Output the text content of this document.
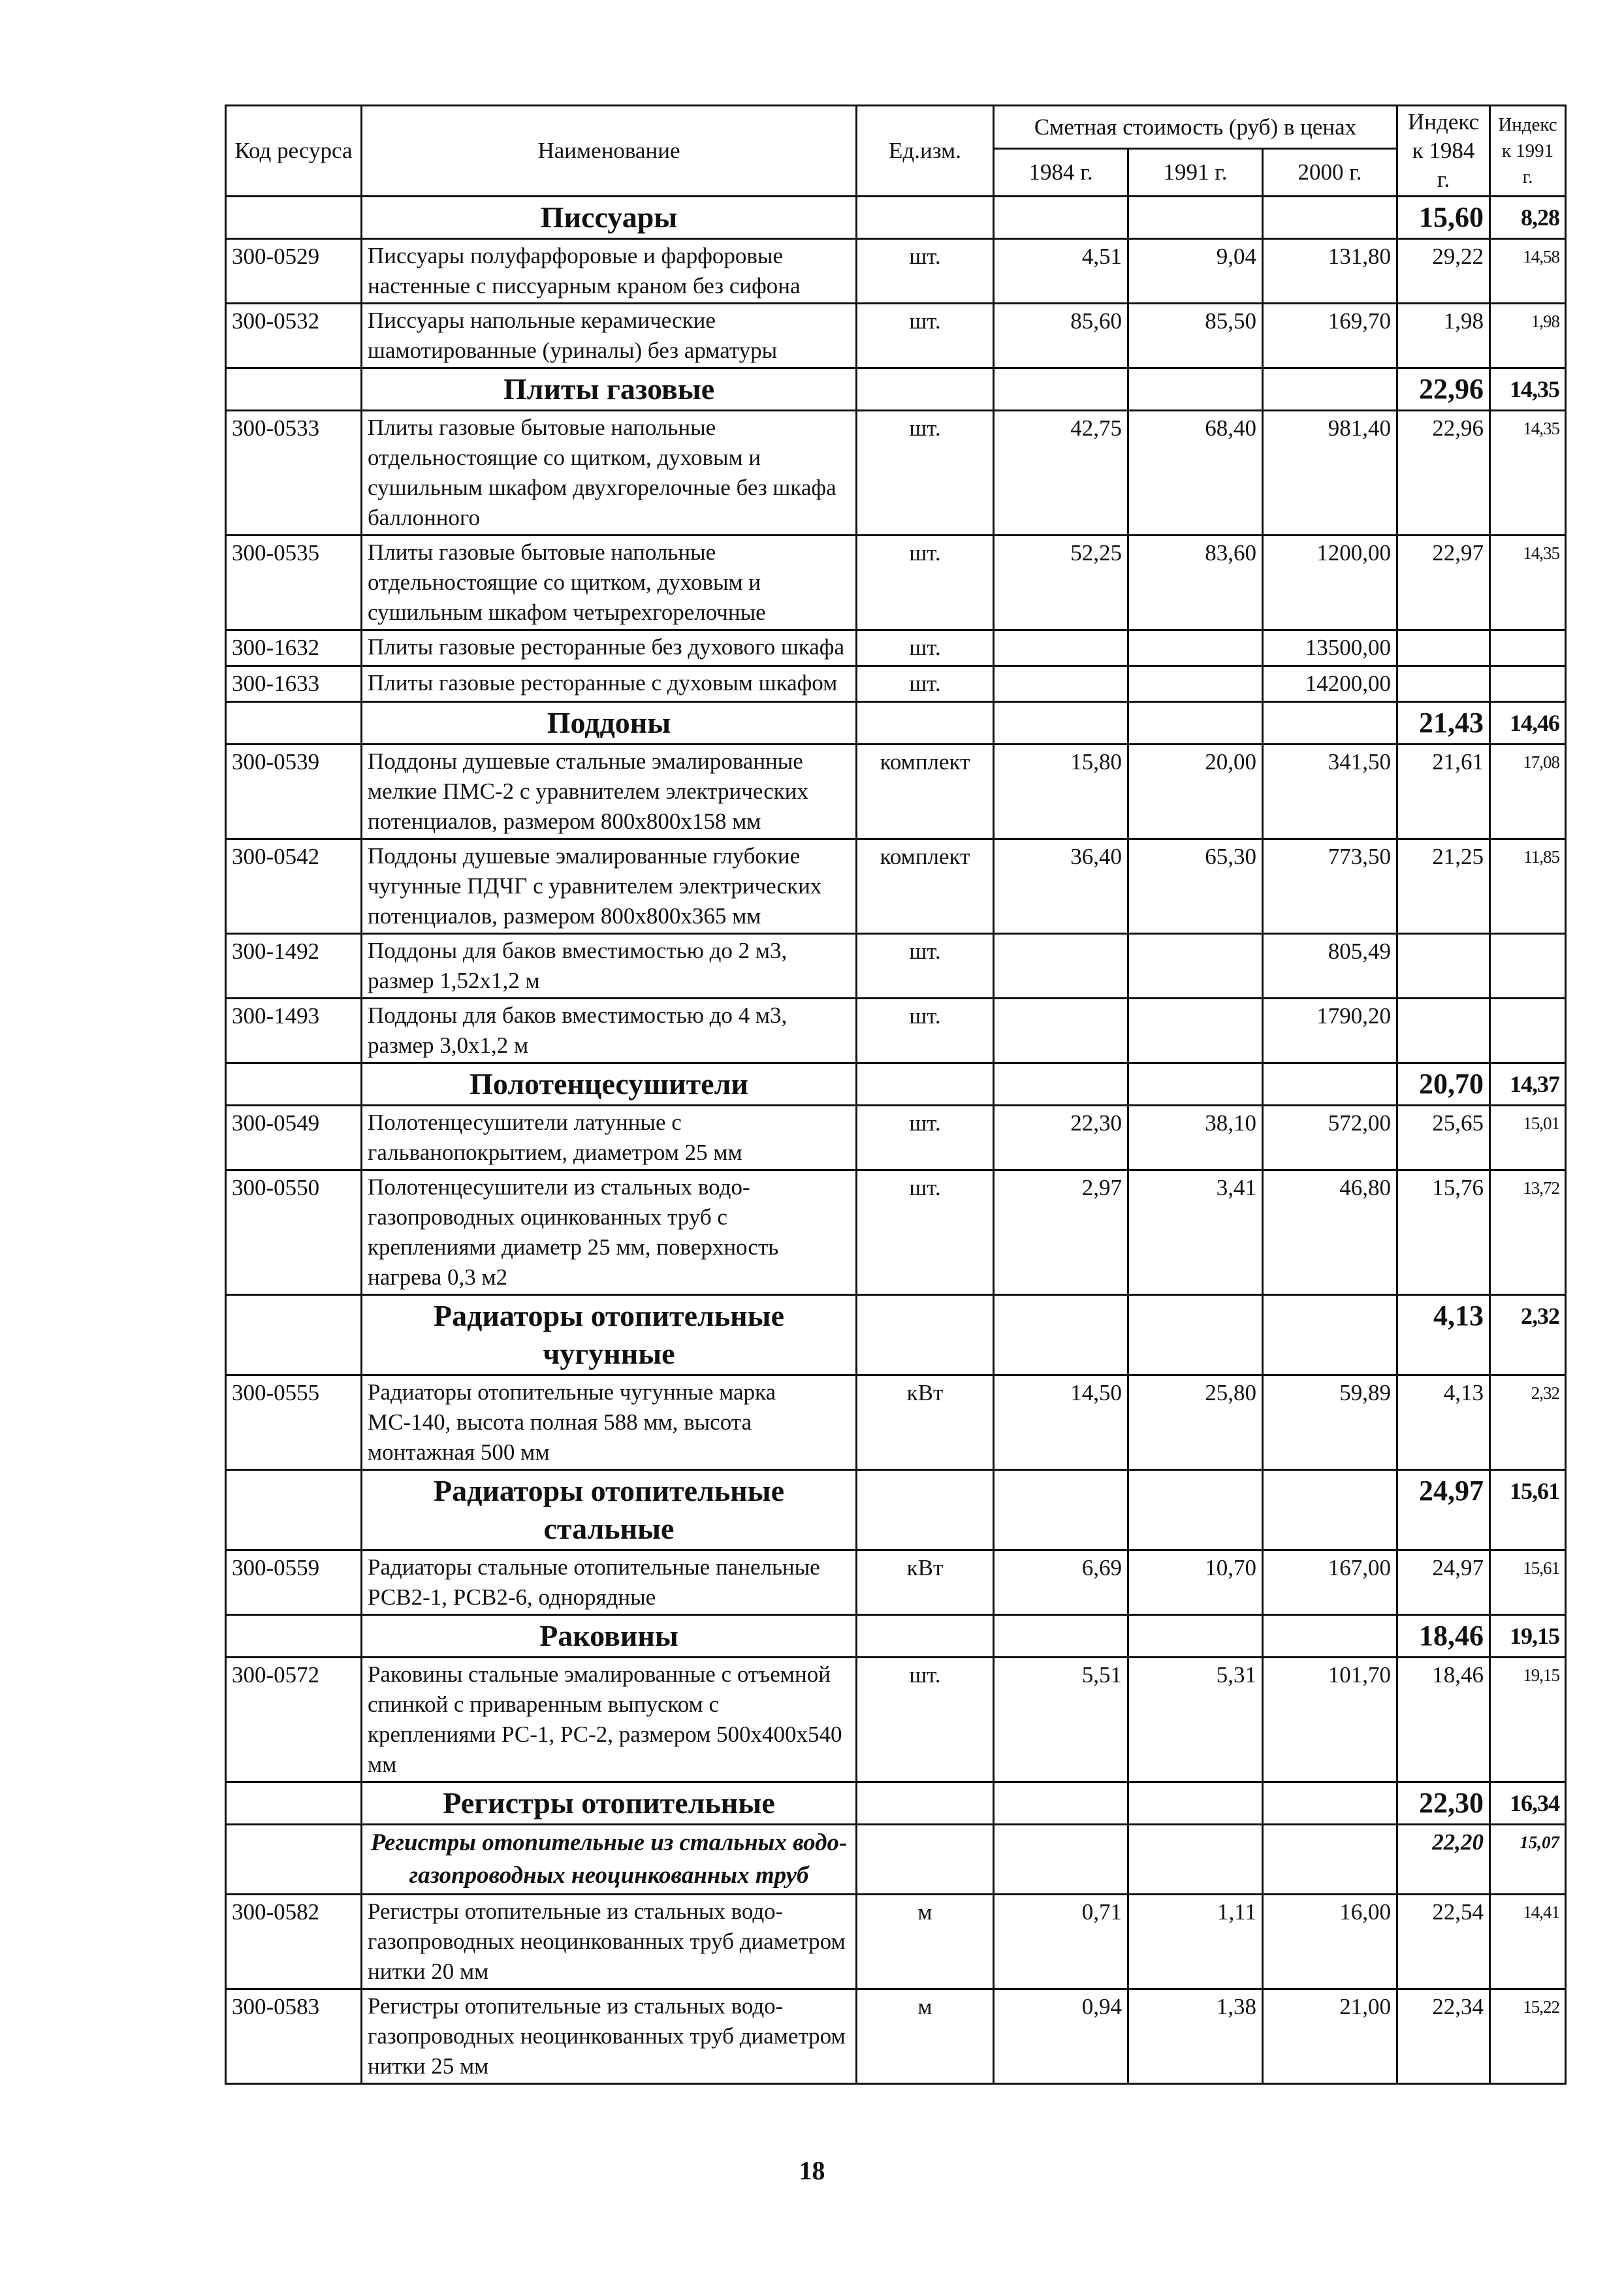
Код ресурса	Наименование	Ед.изм.	Сметная стоимость (руб) в ценах			Индекс к 1984 г.	Индекс к 1991 г.
			1984 г.	1991 г.	2000 г.		
	Писсуары					15,60	8,28
300-0529	Писсуары полуфарфоровые и фарфоровые настенные с писсуарным краном без сифона	шт.	4,51	9,04	131,80	29,22	14,58
300-0532	Писсуары напольные керамические шамотированные (уриналы) без арматуры	шт.	85,60	85,50	169,70	1,98	1,98
	Плиты газовые					22,96	14,35
300-0533	Плиты газовые бытовые напольные отдельностоящие со щитком, духовым и сушильным шкафом двухгорелочные без шкафа баллонного	шт.	42,75	68,40	981,40	22,96	14,35
300-0535	Плиты газовые бытовые напольные отдельностоящие со щитком, духовым и сушильным шкафом четырехгорелочные	шт.	52,25	83,60	1200,00	22,97	14,35
300-1632	Плиты газовые ресторанные без духового шкафа	шт.			13500,00		
300-1633	Плиты газовые ресторанные с духовым шкафом	шт.			14200,00		
	Поддоны					21,43	14,46
300-0539	Поддоны душевые стальные эмалированные мелкие ПМС-2 с уравнителем электрических потенциалов, размером 800х800х158 мм	комплект	15,80	20,00	341,50	21,61	17,08
300-0542	Поддоны душевые эмалированные глубокие чугунные ПДЧГ с уравнителем электрических потенциалов, размером 800х800х365 мм	комплект	36,40	65,30	773,50	21,25	11,85
300-1492	Поддоны для баков вместимостью до 2 м3, размер 1,52х1,2 м	шт.			805,49		
300-1493	Поддоны для баков вместимостью до 4 м3, размер 3,0х1,2 м	шт.			1790,20		
	Полотенцесушители					20,70	14,37
300-0549	Полотенцесушители латунные с гальванопокрытием, диаметром 25 мм	шт.	22,30	38,10	572,00	25,65	15,01
300-0550	Полотенцесушители из стальных водо-газопроводных оцинкованных труб с креплениями диаметр 25 мм, поверхность нагрева 0,3 м2	шт.	2,97	3,41	46,80	15,76	13,72
	Радиаторы отопительные чугунные					4,13	2,32
300-0555	Радиаторы отопительные чугунные марка МС-140, высота полная 588 мм, высота монтажная 500 мм	кВт	14,50	25,80	59,89	4,13	2,32
	Радиаторы отопительные стальные					24,97	15,61
300-0559	Радиаторы стальные отопительные панельные РСВ2-1, РСВ2-6, однорядные	кВт	6,69	10,70	167,00	24,97	15,61
	Раковины					18,46	19,15
300-0572	Раковины стальные эмалированные с отъемной спинкой с приваренным выпуском с креплениями РС-1, РС-2, размером 500х400х540 мм	шт.	5,51	5,31	101,70	18,46	19,15
	Регистры отопительные					22,30	16,34
	Регистры отопительные из стальных водо-газопроводных неоцинкованных труб					22,20	15,07
300-0582	Регистры отопительные из стальных водо-газопроводных неоцинкованных труб диаметром нитки 20 мм	м	0,71	1,11	16,00	22,54	14,41
300-0583	Регистры отопительные из стальных водо-газопроводных неоцинкованных труб диаметром нитки 25 мм	м	0,94	1,38	21,00	22,34	15,22
18
